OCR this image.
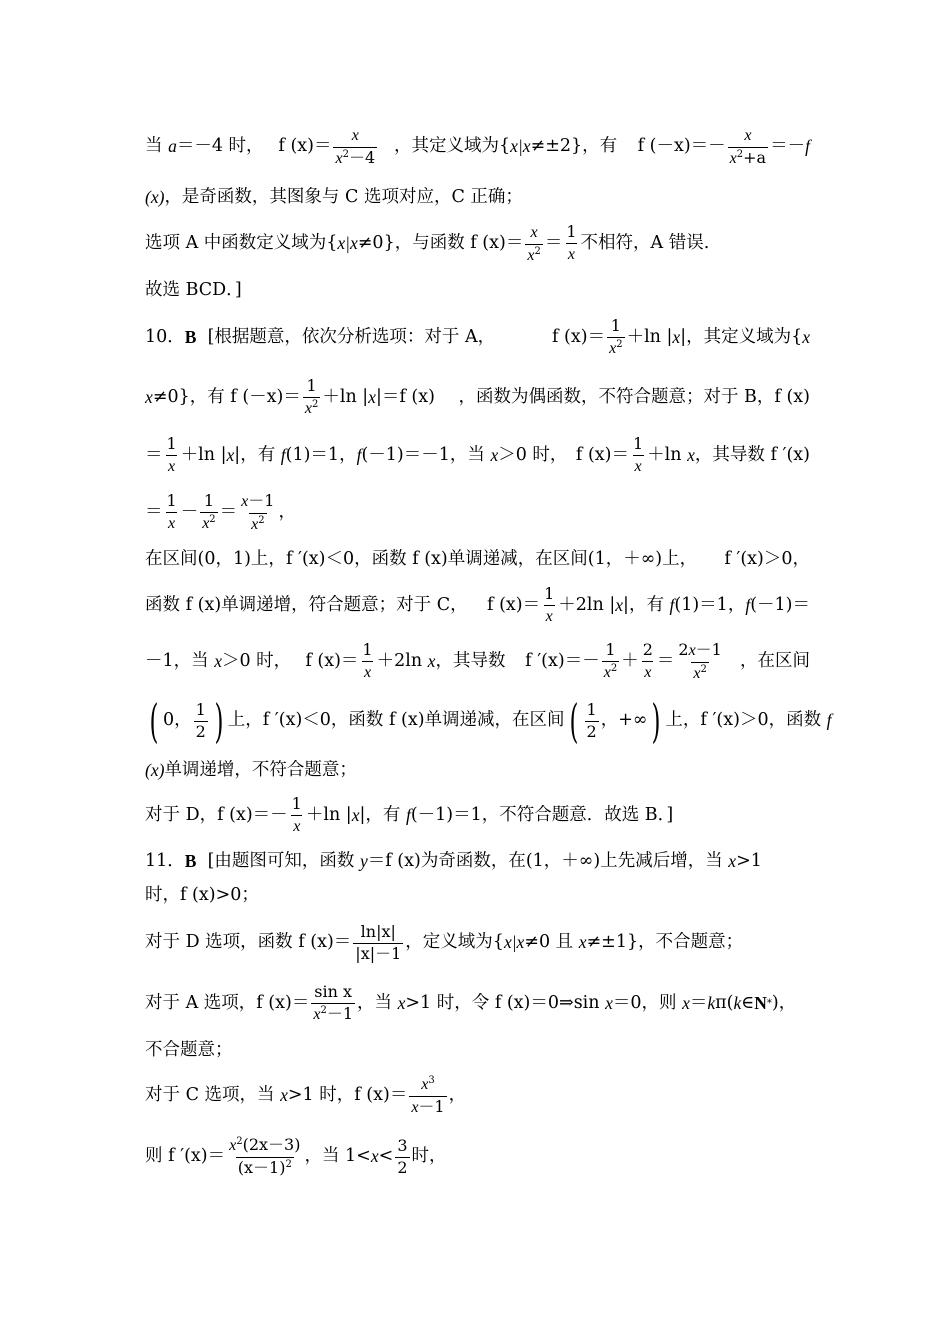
当 a ＝－4 时， f $(x) = \frac{x}{x^2-4}$ ，其定义域为{ x|x ≠±2}，有 f $(-x) =- \frac{x}{x^2+a} =- f$
(x) ，是奇函数，其图象与 C 选项对应，C 正确；
选项 A 中函数定义域为{ x|x ≠0}，与函数 f $(x) = \frac{x}{x^2} = \frac{1}{x}$ 不相符，A 错误.
故选 BCD．]
10． B [根据题意，依次分析选项：对于 A，	f $(x) = \frac{1}{x^2} +\ln$ | x |，其定义域为{ x
x ≠0}，有 f $(-x) = \frac{1}{x^2} +\ln$ | x |＝ f (x) ，函数为偶函数，不符合题意；对于 B， f (x)
＝ $\frac{1}{x} +\ln$ | x |，有 f (1)＝1， f (－1)＝－1，当 x ＞0 时， f $(x) = \frac{1}{x} +\ln$ x ，其导数 f ′(x)
＝ $\frac{1}{x} - \frac{1}{x^2} = \frac{x-1}{x^2}$ ，
在区间(0，1)上， f ′(x) ＜0，函数 f (x) 单调递减，在区间(1，＋∞)上， f ′(x) ＞0，
函数 f (x) 单调递增，符合题意；对于 C， f $(x) = \frac{1}{x} +2\ln$ | x |，有 f (1)＝1， f (－1)＝
－1，当 x ＞0 时， f $(x) = \frac{1}{x} +2\ln$ x ，其导数 f $'(x) =- \frac{1}{x^2} + \frac{2}{x} = \frac{2x-1}{x^2}$ ，在区间
( 0， $\frac{1}{2}$ ) 上， f ′(x) ＜0，函数 f (x) 单调递减，在区间 ( $\frac{1}{2}$ ，+∞ ) 上， f ′(x) ＞0，函数 f
(x) 单调递增，不符合题意；
对于 D， f $(x) =- \frac{1}{x} +\ln$ | x |，有 f (－1)＝1，不符合题意．故选 B．]
11． B [由题图可知，函数 y ＝ f (x) 为奇函数，在(1，＋∞)上先减后增，当 x >1
时， f (x) >0；
对于 D 选项，函数 f $(x) = \frac{\ln|x|}{|x|-1}$ ，定义域为{ x|x ≠0 且 x ≠±1}，不合题意；
对于 A 选项， f $(x) = \frac{\text{sin x}}{x^2-1}$ ，当 x >1 时，令 f (x) ＝0⇒sin x ＝0，则 x ＝ k π( k ∈ N * )，
不合题意；
对于 C 选项，当 x >1 时， f $(x) = \frac{x^3}{x-1}$ ，
则 f $'(x) = \frac{x^2(2x-3)}{(x-1)^2}$ ，当 $1< x < \frac{3}{2}$ 时，
